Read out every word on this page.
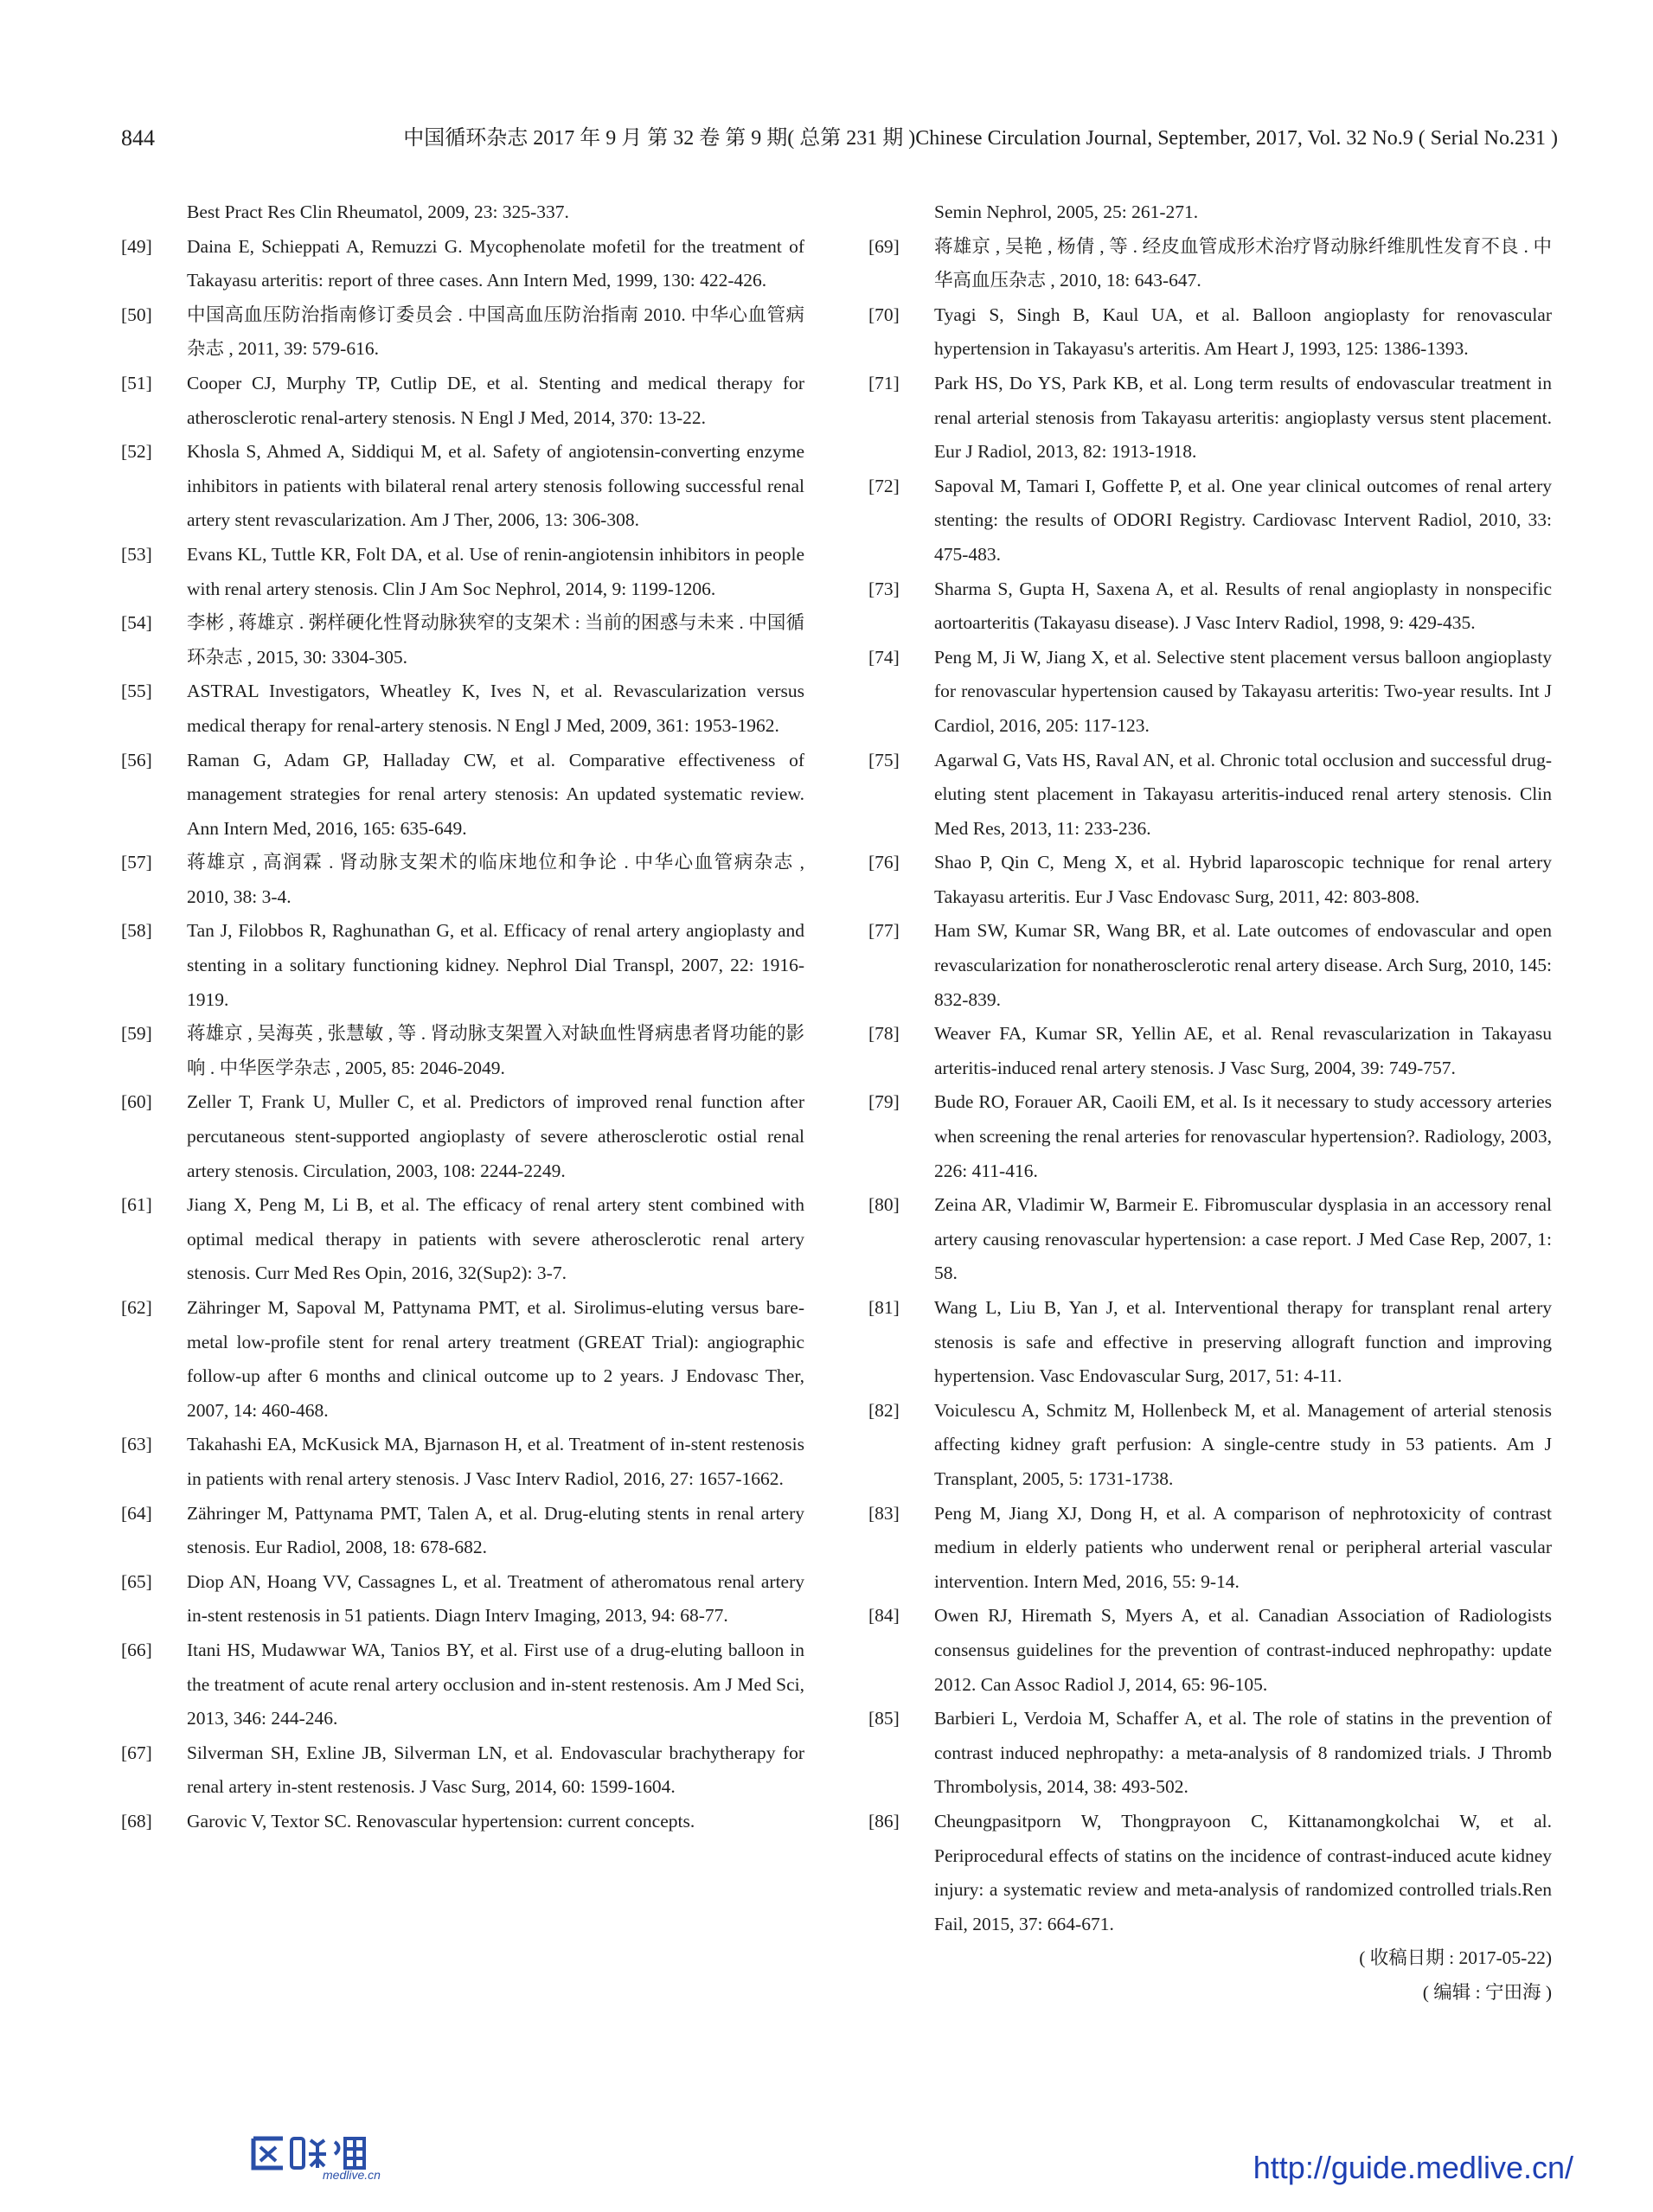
844	中国循环杂志 2017 年 9 月 第 32 卷 第 9 期( 总第 231 期 )Chinese Circulation Journal, September, 2017, Vol. 32 No.9 ( Serial No.231 )
Best Pract Res Clin Rheumatol, 2009, 23: 325-337.
[49]	Daina E, Schieppati A, Remuzzi G. Mycophenolate mofetil for the treatment of Takayasu arteritis: report of three cases. Ann Intern Med, 1999, 130: 422-426.
[50]	中国高血压防治指南修订委员会 . 中国高血压防治指南 2010. 中华心血管病杂志 , 2011, 39: 579-616.
[51]	Cooper CJ, Murphy TP, Cutlip DE, et al. Stenting and medical therapy for atherosclerotic renal-artery stenosis. N Engl J Med, 2014, 370: 13-22.
[52]	Khosla S, Ahmed A, Siddiqui M, et al. Safety of angiotensin-converting enzyme inhibitors in patients with bilateral renal artery stenosis following successful renal artery stent revascularization. Am J Ther, 2006, 13: 306-308.
[53]	Evans KL, Tuttle KR, Folt DA, et al. Use of renin-angiotensin inhibitors in people with renal artery stenosis. Clin J Am Soc Nephrol, 2014, 9: 1199-1206.
[54]	李彬 , 蒋雄京 . 粥样硬化性肾动脉狭窄的支架术 : 当前的困惑与未来 . 中国循环杂志 , 2015, 30: 3304-305.
[55]	ASTRAL Investigators, Wheatley K, Ives N, et al. Revascularization versus medical therapy for renal-artery stenosis. N Engl J Med, 2009, 361: 1953-1962.
[56]	Raman G, Adam GP, Halladay CW, et al. Comparative effectiveness of management strategies for renal artery stenosis: An updated systematic review. Ann Intern Med, 2016, 165: 635-649.
[57]	蒋雄京 , 高润霖 . 肾动脉支架术的临床地位和争论 . 中华心血管病杂志 , 2010, 38: 3-4.
[58]	Tan J, Filobbos R, Raghunathan G, et al. Efficacy of renal artery angioplasty and stenting in a solitary functioning kidney. Nephrol Dial Transpl, 2007, 22: 1916-1919.
[59]	蒋雄京 , 吴海英 , 张慧敏 , 等 . 肾动脉支架置入对缺血性肾病患者肾功能的影响 . 中华医学杂志 , 2005, 85: 2046-2049.
[60]	Zeller T, Frank U, Muller C, et al. Predictors of improved renal function after percutaneous stent-supported angioplasty of severe atherosclerotic ostial renal artery stenosis. Circulation, 2003, 108: 2244-2249.
[61]	Jiang X, Peng M, Li B, et al. The efficacy of renal artery stent combined with optimal medical therapy in patients with severe atherosclerotic renal artery stenosis. Curr Med Res Opin, 2016, 32(Sup2): 3-7.
[62]	Zähringer M, Sapoval M, Pattynama PMT, et al. Sirolimus-eluting versus bare-metal low-profile stent for renal artery treatment (GREAT Trial): angiographic follow-up after 6 months and clinical outcome up to 2 years. J Endovasc Ther, 2007, 14: 460-468.
[63]	Takahashi EA, McKusick MA, Bjarnason H, et al. Treatment of in-stent restenosis in patients with renal artery stenosis. J Vasc Interv Radiol, 2016, 27: 1657-1662.
[64]	Zähringer M, Pattynama PMT, Talen A, et al. Drug-eluting stents in renal artery stenosis. Eur Radiol, 2008, 18: 678-682.
[65]	Diop AN, Hoang VV, Cassagnes L, et al. Treatment of atheromatous renal artery in-stent restenosis in 51 patients. Diagn Interv Imaging, 2013, 94: 68-77.
[66]	Itani HS, Mudawwar WA, Tanios BY, et al. First use of a drug-eluting balloon in the treatment of acute renal artery occlusion and in-stent restenosis. Am J Med Sci, 2013, 346: 244-246.
[67]	Silverman SH, Exline JB, Silverman LN, et al. Endovascular brachytherapy for renal artery in-stent restenosis. J Vasc Surg, 2014, 60: 1599-1604.
[68]	Garovic V, Textor SC. Renovascular hypertension: current concepts.
Semin Nephrol, 2005, 25: 261-271.
[69]	蒋雄京 , 吴艳 , 杨倩 , 等 . 经皮血管成形术治疗肾动脉纤维肌性发育不良 . 中华高血压杂志 , 2010, 18: 643-647.
[70]	Tyagi S, Singh B, Kaul UA, et al. Balloon angioplasty for renovascular hypertension in Takayasu's arteritis. Am Heart J, 1993, 125: 1386-1393.
[71]	Park HS, Do YS, Park KB, et al. Long term results of endovascular treatment in renal arterial stenosis from Takayasu arteritis: angioplasty versus stent placement. Eur J Radiol, 2013, 82: 1913-1918.
[72]	Sapoval M, Tamari I, Goffette P, et al. One year clinical outcomes of renal artery stenting: the results of ODORI Registry. Cardiovasc Intervent Radiol, 2010, 33: 475-483.
[73]	Sharma S, Gupta H, Saxena A, et al. Results of renal angioplasty in nonspecific aortoarteritis (Takayasu disease). J Vasc Interv Radiol, 1998, 9: 429-435.
[74]	Peng M, Ji W, Jiang X, et al. Selective stent placement versus balloon angioplasty for renovascular hypertension caused by Takayasu arteritis: Two-year results. Int J Cardiol, 2016, 205: 117-123.
[75]	Agarwal G, Vats HS, Raval AN, et al. Chronic total occlusion and successful drug-eluting stent placement in Takayasu arteritis-induced renal artery stenosis. Clin Med Res, 2013, 11: 233-236.
[76]	Shao P, Qin C, Meng X, et al. Hybrid laparoscopic technique for renal artery Takayasu arteritis. Eur J Vasc Endovasc Surg, 2011, 42: 803-808.
[77]	Ham SW, Kumar SR, Wang BR, et al. Late outcomes of endovascular and open revascularization for nonatherosclerotic renal artery disease. Arch Surg, 2010, 145: 832-839.
[78]	Weaver FA, Kumar SR, Yellin AE, et al. Renal revascularization in Takayasu arteritis-induced renal artery stenosis. J Vasc Surg, 2004, 39: 749-757.
[79]	Bude RO, Forauer AR, Caoili EM, et al. Is it necessary to study accessory arteries when screening the renal arteries for renovascular hypertension?. Radiology, 2003, 226: 411-416.
[80]	Zeina AR, Vladimir W, Barmeir E. Fibromuscular dysplasia in an accessory renal artery causing renovascular hypertension: a case report. J Med Case Rep, 2007, 1: 58.
[81]	Wang L, Liu B, Yan J, et al. Interventional therapy for transplant renal artery stenosis is safe and effective in preserving allograft function and improving hypertension. Vasc Endovascular Surg, 2017, 51: 4-11.
[82]	Voiculescu A, Schmitz M, Hollenbeck M, et al. Management of arterial stenosis affecting kidney graft perfusion: A single-centre study in 53 patients. Am J Transplant, 2005, 5: 1731-1738.
[83]	Peng M, Jiang XJ, Dong H, et al. A comparison of nephrotoxicity of contrast medium in elderly patients who underwent renal or peripheral arterial vascular intervention. Intern Med, 2016, 55: 9-14.
[84]	Owen RJ, Hiremath S, Myers A, et al. Canadian Association of Radiologists consensus guidelines for the prevention of contrast-induced nephropathy: update 2012. Can Assoc Radiol J, 2014, 65: 96-105.
[85]	Barbieri L, Verdoia M, Schaffer A, et al. The role of statins in the prevention of contrast induced nephropathy: a meta-analysis of 8 randomized trials. J Thromb Thrombolysis, 2014, 38: 493-502.
[86]	Cheungpasitporn W, Thongprayoon C, Kittanamongkolchai W, et al. Periprocedural effects of statins on the incidence of contrast-induced acute kidney injury: a systematic review and meta-analysis of randomized controlled trials.Ren Fail, 2015, 37: 664-671.
( 收稿日期 : 2017-05-22)
( 编辑 : 宁田海 )
medlive.cn	http://guide.medlive.cn/
